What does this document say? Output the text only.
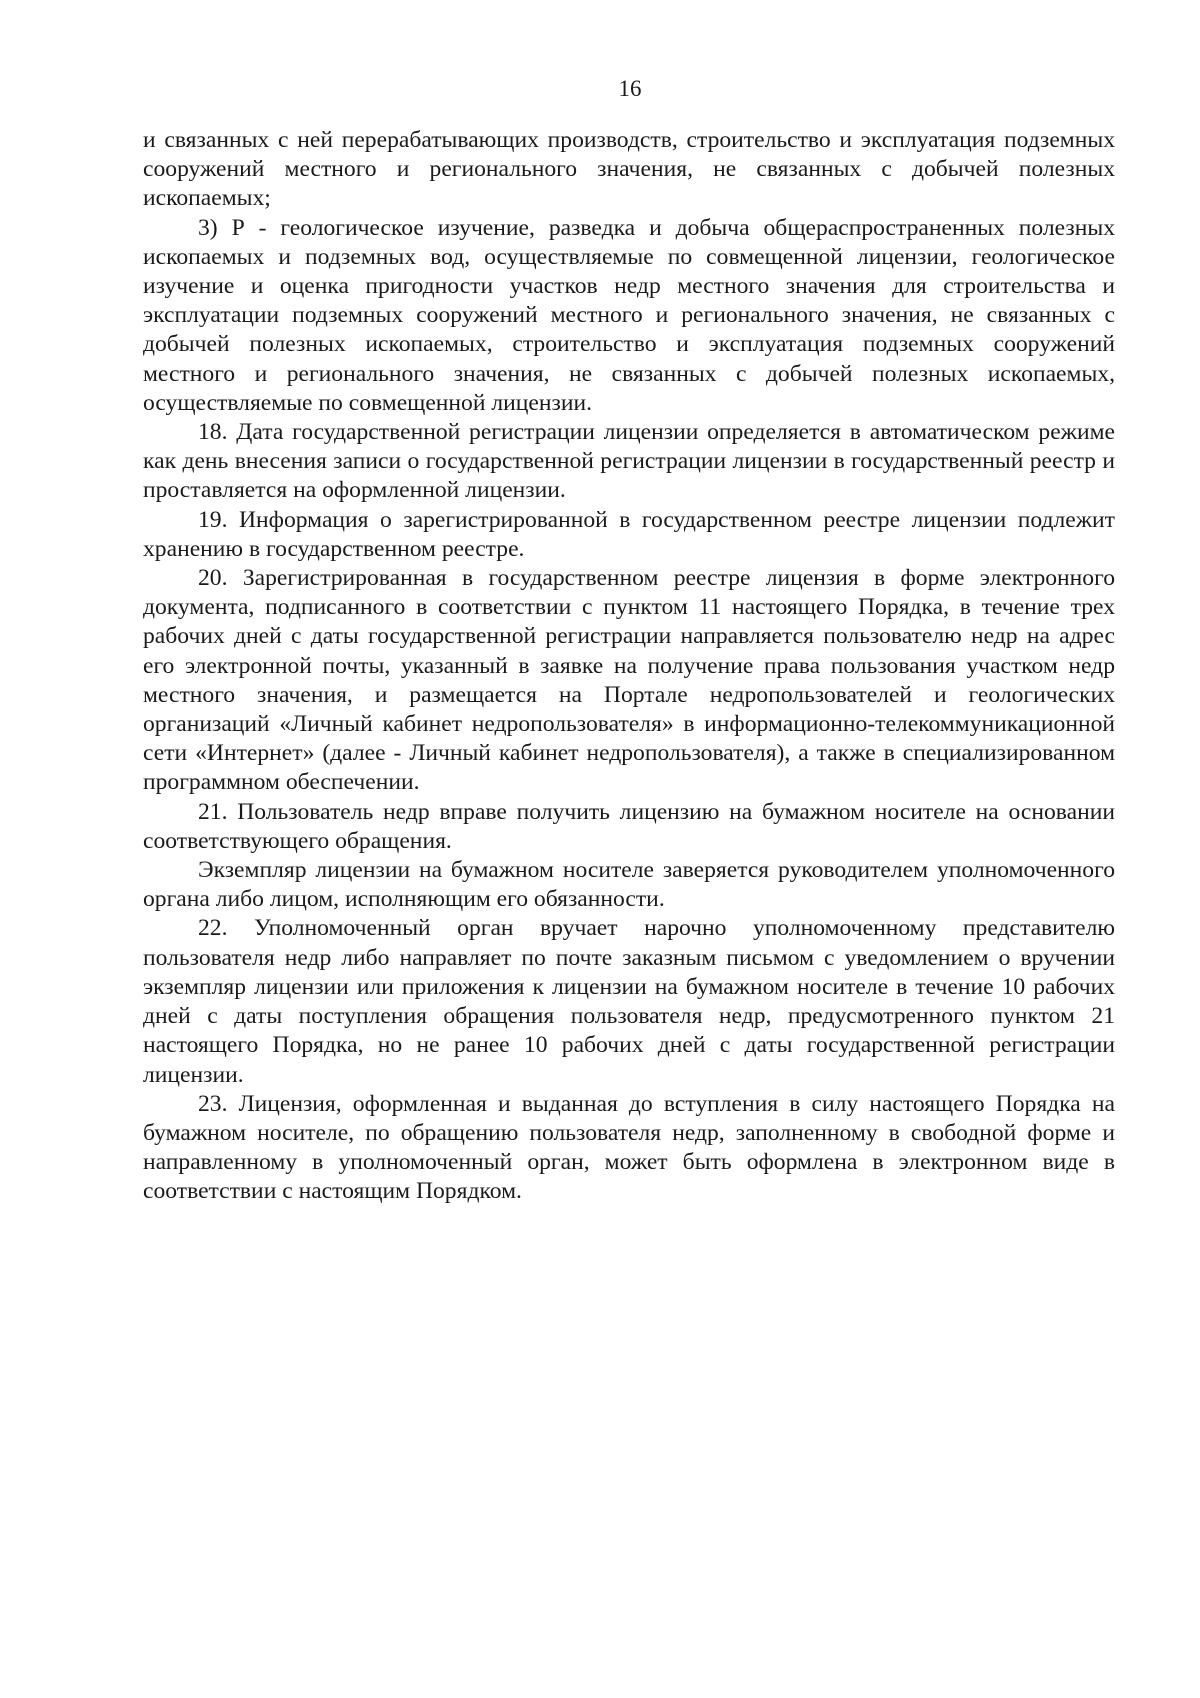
16

и связанных с ней перерабатывающих производств, строительство и эксплуатация подземных сооружений местного и регионального значения, не связанных с добычей полезных ископаемых;

3) Р - геологическое изучение, разведка и добыча общераспространенных полезных ископаемых и подземных вод, осуществляемые по совмещенной лицензии, геологическое изучение и оценка пригодности участков недр местного значения для строительства и эксплуатации подземных сооружений местного и регионального значения, не связанных с добычей полезных ископаемых, строительство и эксплуатация подземных сооружений местного и регионального значения, не связанных с добычей полезных ископаемых, осуществляемые по совмещенной лицензии.

18. Дата государственной регистрации лицензии определяется в автоматическом режиме как день внесения записи о государственной регистрации лицензии в государственный реестр и проставляется на оформленной лицензии.

19. Информация о зарегистрированной в государственном реестре лицензии подлежит хранению в государственном реестре.

20. Зарегистрированная в государственном реестре лицензия в форме электронного документа, подписанного в соответствии с пунктом 11 настоящего Порядка, в течение трех рабочих дней с даты государственной регистрации направляется пользователю недр на адрес его электронной почты, указанный в заявке на получение права пользования участком недр местного значения, и размещается на Портале недропользователей и геологических организаций «Личный кабинет недропользователя» в информационно-телекоммуникационной сети «Интернет» (далее - Личный кабинет недропользователя), а также в специализированном программном обеспечении.

21. Пользователь недр вправе получить лицензию на бумажном носителе на основании соответствующего обращения.

Экземпляр лицензии на бумажном носителе заверяется руководителем уполномоченного органа либо лицом, исполняющим его обязанности.

22. Уполномоченный орган вручает нарочно уполномоченному представителю пользователя недр либо направляет по почте заказным письмом с уведомлением о вручении экземпляр лицензии или приложения к лицензии на бумажном носителе в течение 10 рабочих дней с даты поступления обращения пользователя недр, предусмотренного пунктом 21 настоящего Порядка, но не ранее 10 рабочих дней с даты государственной регистрации лицензии.

23. Лицензия, оформленная и выданная до вступления в силу настоящего Порядка на бумажном носителе, по обращению пользователя недр, заполненному в свободной форме и направленному в уполномоченный орган, может быть оформлена в электронном виде в соответствии с настоящим Порядком.
